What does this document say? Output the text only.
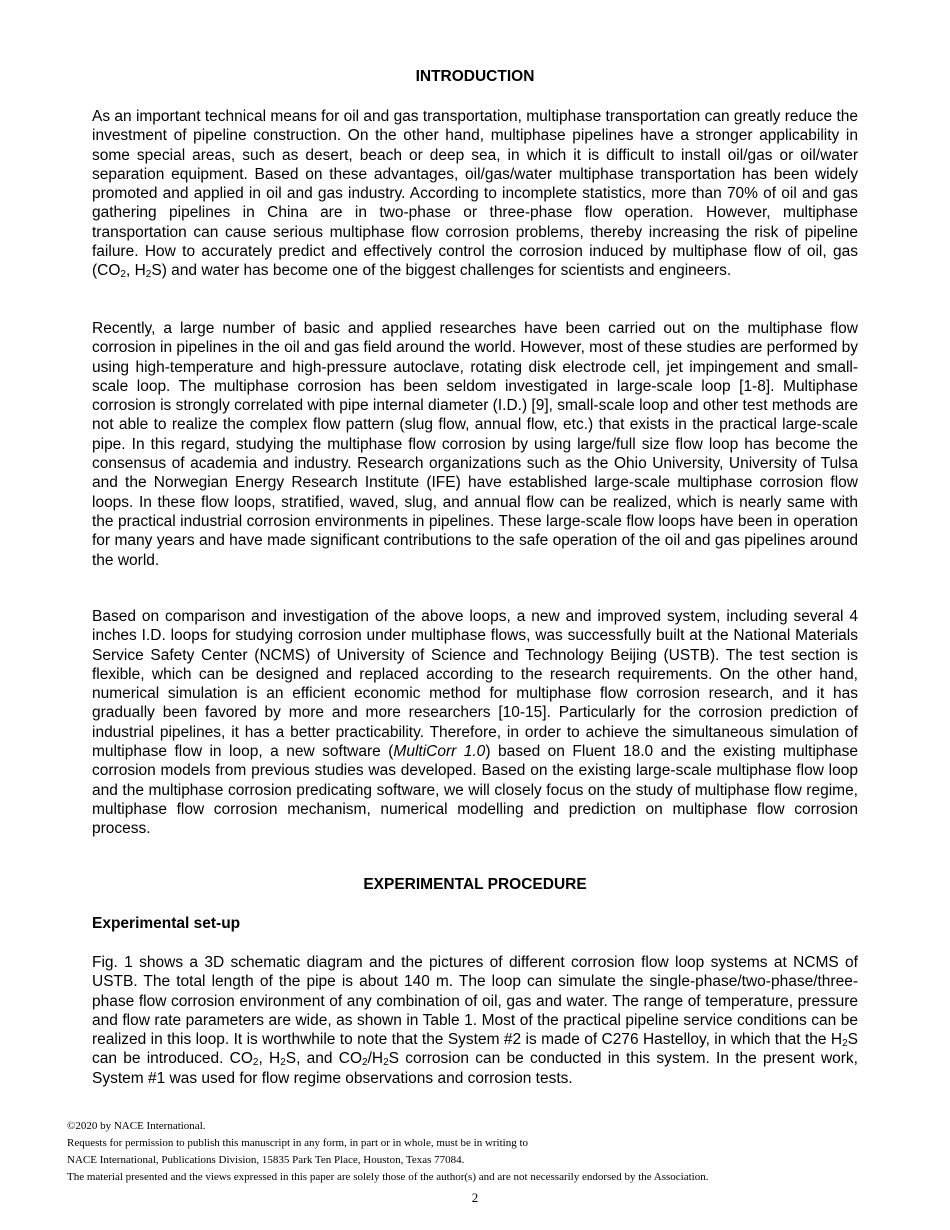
INTRODUCTION

As an important technical means for oil and gas transportation, multiphase transportation can greatly reduce the investment of pipeline construction. On the other hand, multiphase pipelines have a stronger applicability in some special areas, such as desert, beach or deep sea, in which it is difficult to install oil/gas or oil/water separation equipment. Based on these advantages, oil/gas/water multiphase transportation has been widely promoted and applied in oil and gas industry. According to incomplete statistics, more than 70% of oil and gas gathering pipelines in China are in two-phase or three-phase flow operation. However, multiphase transportation can cause serious multiphase flow corrosion problems, thereby increasing the risk of pipeline failure. How to accurately predict and effectively control the corrosion induced by multiphase flow of oil, gas ($CO_2$, $H_2S$) and water has become one of the biggest challenges for scientists and engineers.

Recently, a large number of basic and applied researches have been carried out on the multiphase flow corrosion in pipelines in the oil and gas field around the world. However, most of these studies are performed by using high-temperature and high-pressure autoclave, rotating disk electrode cell, jet impingement and small-scale loop. The multiphase corrosion has been seldom investigated in large-scale loop [1-8]. Multiphase corrosion is strongly correlated with pipe internal diameter (I.D.) [9], small-scale loop and other test methods are not able to realize the complex flow pattern (slug flow, annual flow, etc.) that exists in the practical large-scale pipe. In this regard, studying the multiphase flow corrosion by using large/full size flow loop has become the consensus of academia and industry. Research organizations such as the Ohio University, University of Tulsa and the Norwegian Energy Research Institute (IFE) have established large-scale multiphase corrosion flow loops. In these flow loops, stratified, waved, slug, and annual flow can be realized, which is nearly same with the practical industrial corrosion environments in pipelines. These large-scale flow loops have been in operation for many years and have made significant contributions to the safe operation of the oil and gas pipelines around the world.

Based on comparison and investigation of the above loops, a new and improved system, including several 4 inches I.D. loops for studying corrosion under multiphase flows, was successfully built at the National Materials Service Safety Center (NCMS) of University of Science and Technology Beijing (USTB). The test section is flexible, which can be designed and replaced according to the research requirements. On the other hand, numerical simulation is an efficient economic method for multiphase flow corrosion research, and it has gradually been favored by more and more researchers [10-15]. Particularly for the corrosion prediction of industrial pipelines, it has a better practicability. Therefore, in order to achieve the simultaneous simulation of multiphase flow in loop, a new software (MultiCorr 1.0) based on Fluent 18.0 and the existing multiphase corrosion models from previous studies was developed. Based on the existing large-scale multiphase flow loop and the multiphase corrosion predicating software, we will closely focus on the study of multiphase flow regime, multiphase flow corrosion mechanism, numerical modelling and prediction on multiphase flow corrosion process.

EXPERIMENTAL PROCEDURE
Experimental set-up

Fig. 1 shows a 3D schematic diagram and the pictures of different corrosion flow loop systems at NCMS of USTB. The total length of the pipe is about 140 m. The loop can simulate the single-phase/two-phase/three-phase flow corrosion environment of any combination of oil, gas and water. The range of temperature, pressure and flow rate parameters are wide, as shown in Table 1. Most of the practical pipeline service conditions can be realized in this loop. It is worthwhile to note that the System #2 is made of C276 Hastelloy, in which that the $H_2S$ can be introduced. $CO_2$, $H_2S$, and $CO_2/H_2S$ corrosion can be conducted in this system. In the present work, System #1 was used for flow regime observations and corrosion tests.

©2020 by NACE International.
Requests for permission to publish this manuscript in any form, in part or in whole, must be in writing to
NACE International, Publications Division, 15835 Park Ten Place, Houston, Texas 77084.
The material presented and the views expressed in this paper are solely those of the author(s) and are not necessarily endorsed by the Association.
2
